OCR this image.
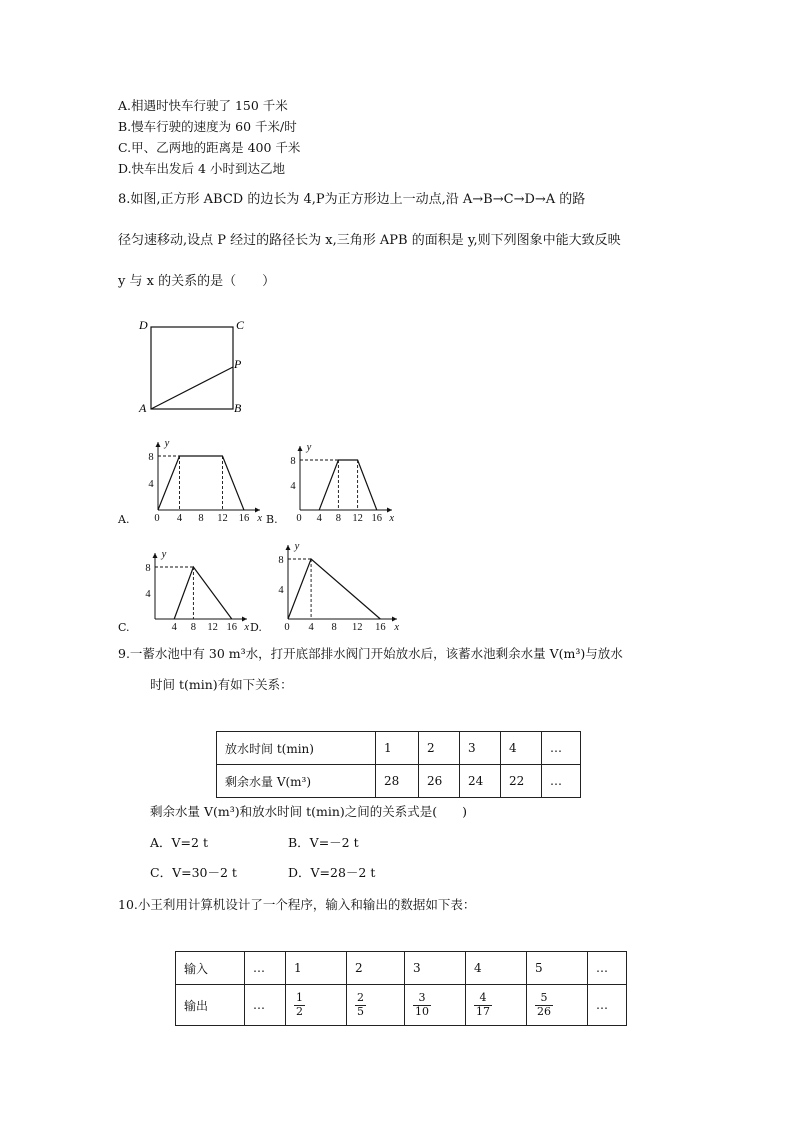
A.相遇时快车行驶了 150 千米
B.慢车行驶的速度为 60 千米/时
C.甲、乙两地的距离是 400 千米
D.快车出发后 4 小时到达乙地
8.如图,正方形 ABCD 的边长为 4,P为正方形边上一动点,沿 A→B→C→D→A 的路
径匀速移动,设点 P 经过的路径长为 x,三角形 APB 的面积是 y,则下列图象中能大致反映
y 与 x 的关系的是（　　）
D	C
P
A	B
A.	x
y
0 4 8 12 16
4
8
B.	x
y
0 4 8 12 16
4
8
C.	x
y
4 8 12 16
4
8
D.	x
y
0 4 8 12 16
4
8
9.一蓄水池中有 30 m³水，打开底部排水阀门开始放水后，该蓄水池剩余水量 V(m³)与放水
时间 t(min)有如下关系：
放水时间 t(min)	1	2	3	4	…
剩余水量 V(m³)	28	26	24	22	…
剩余水量 V(m³)和放水时间 t(min)之间的关系式是(　　)
A．V=2 t	B．V=－2 t
C．V=30－2 t	D．V=28－2 t
10.小王利用计算机设计了一个程序，输入和输出的数据如下表：
输入	…	1	2	3	4	5	…
输出	…	$\frac{1}{2}$	$\frac{2}{5}$	$\frac{3}{10}$	$\frac{4}{17}$	$\frac{5}{26}$	…
